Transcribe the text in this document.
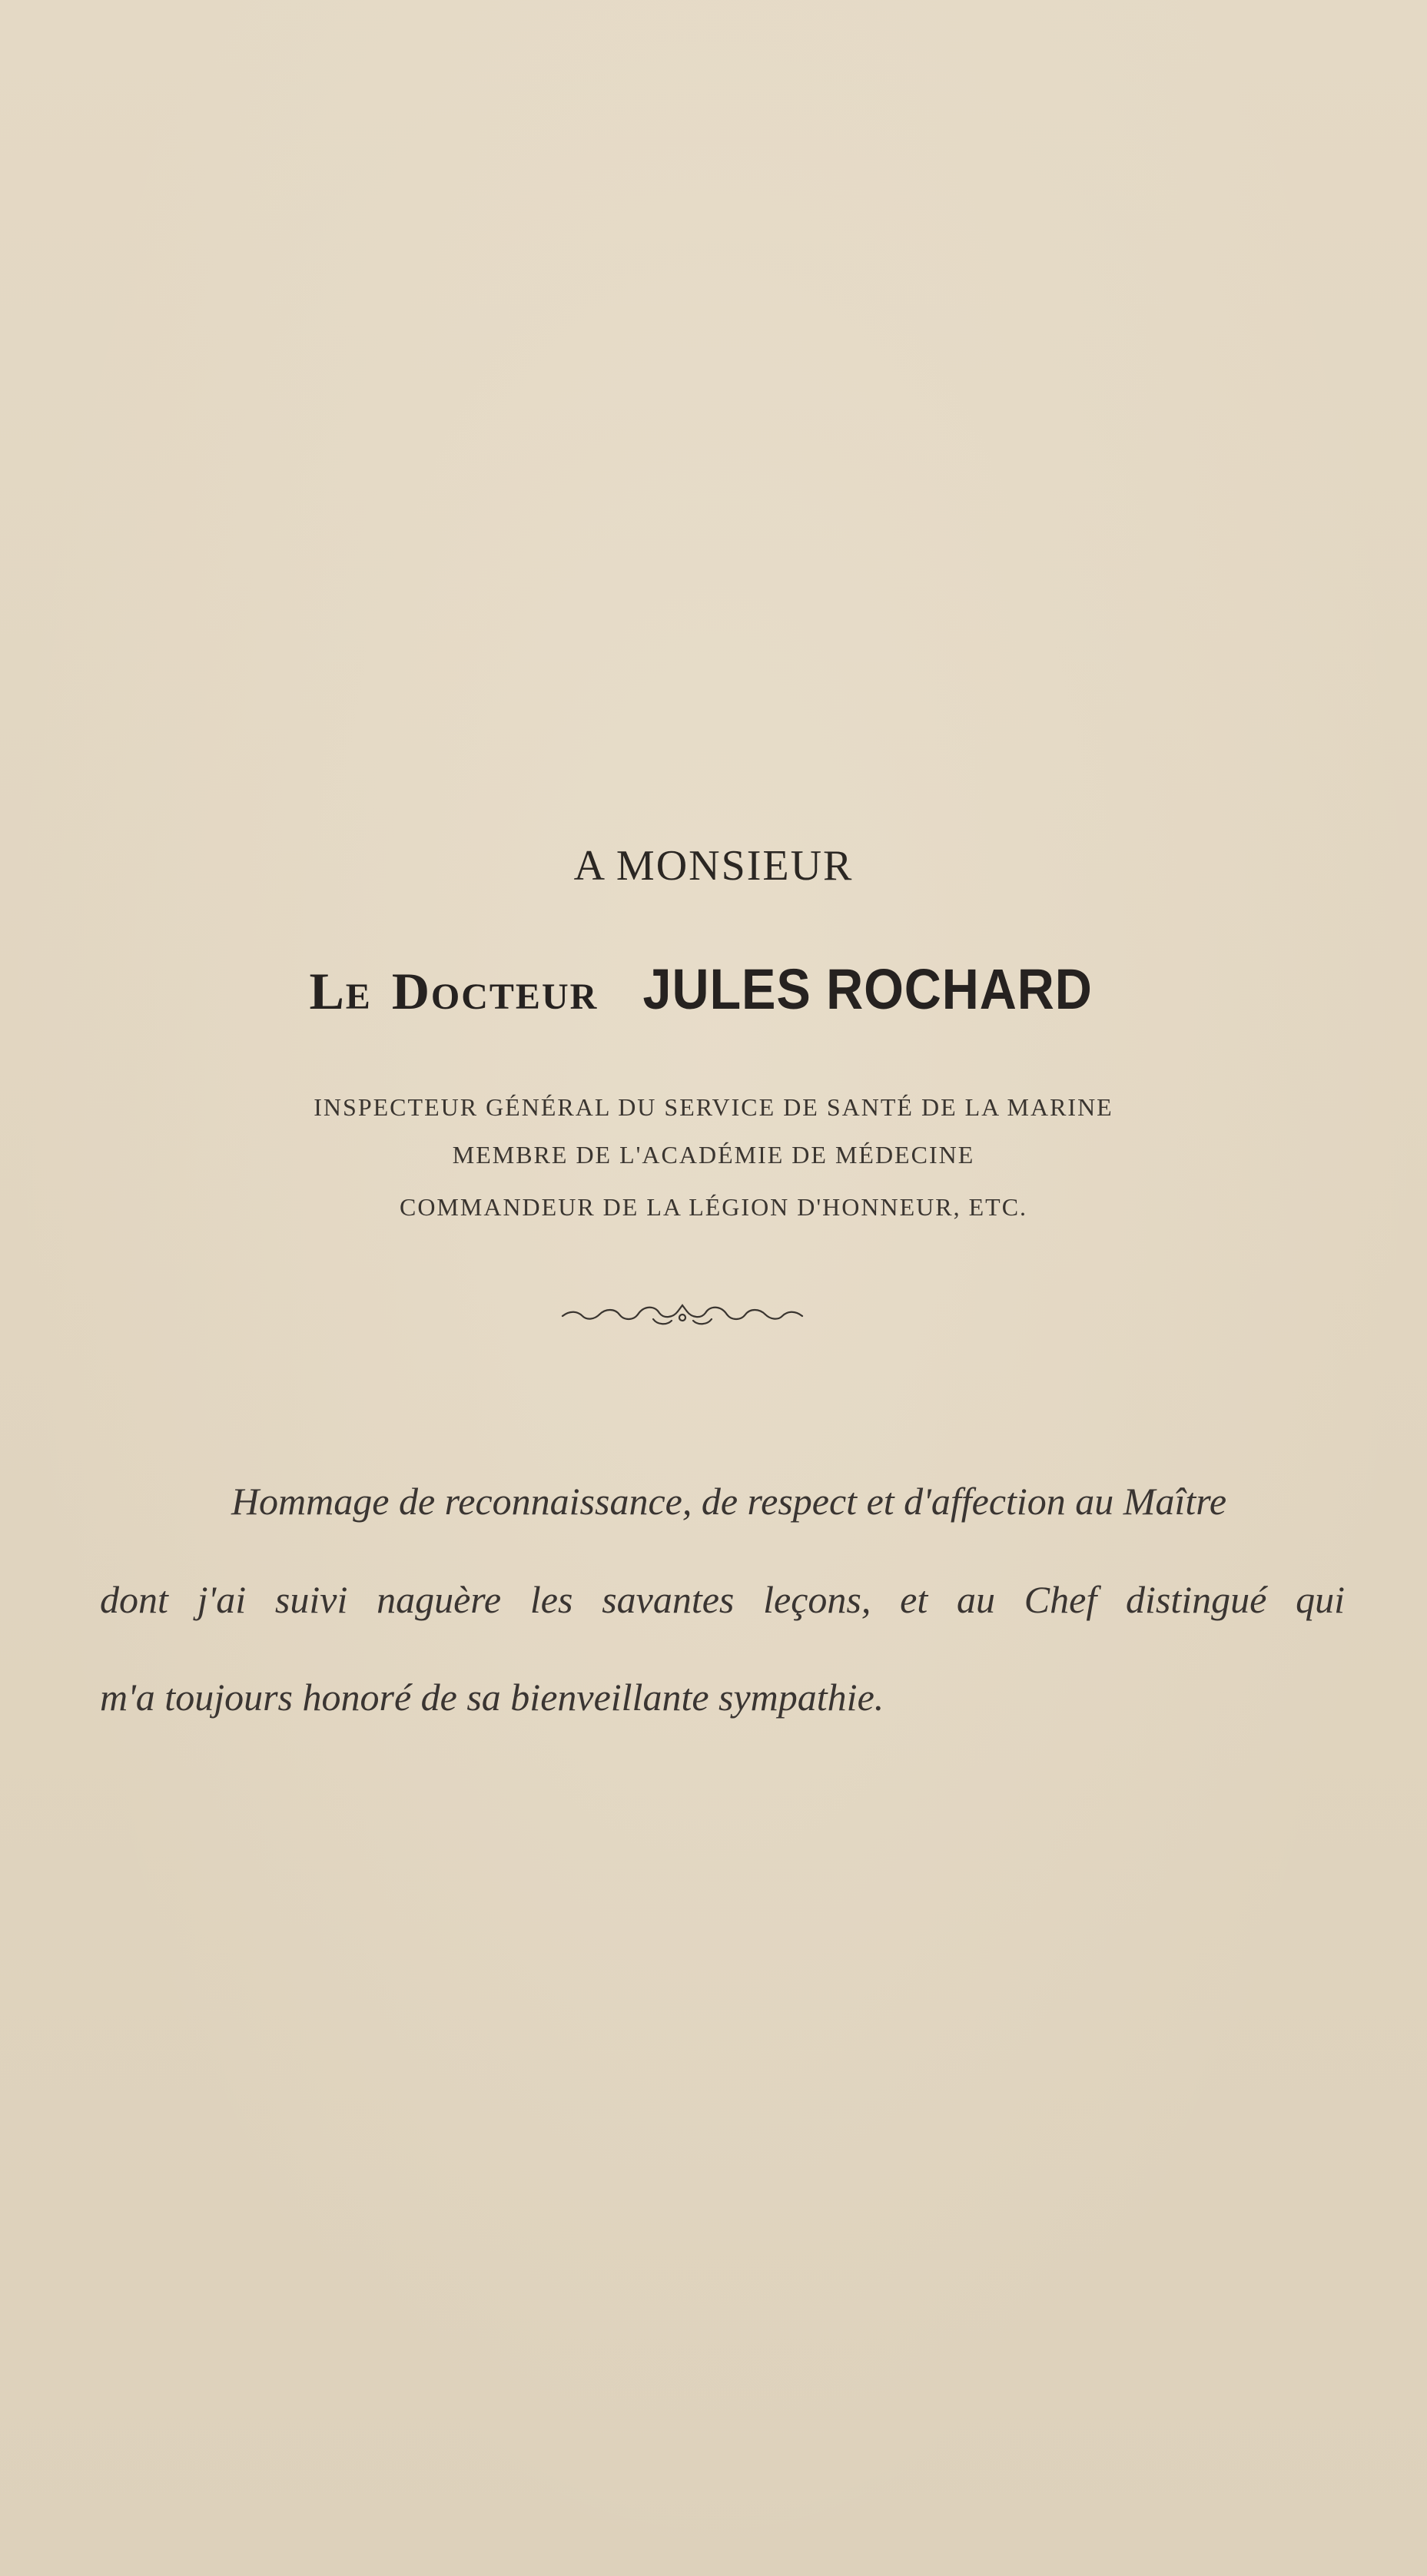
A MONSIEUR
Le Docteur JULES ROCHARD
INSPECTEUR GÉNÉRAL DU SERVICE DE SANTÉ DE LA MARINE
MEMBRE DE L'ACADÉMIE DE MÉDECINE
COMMANDEUR DE LA LÉGION D'HONNEUR, ETC.
Hommage de reconnaissance, de respect et d'affection au Maître
dont j'ai suivi naguère les savantes leçons, et au Chef distingué qui
m'a toujours honoré de sa bienveillante sympathie.
